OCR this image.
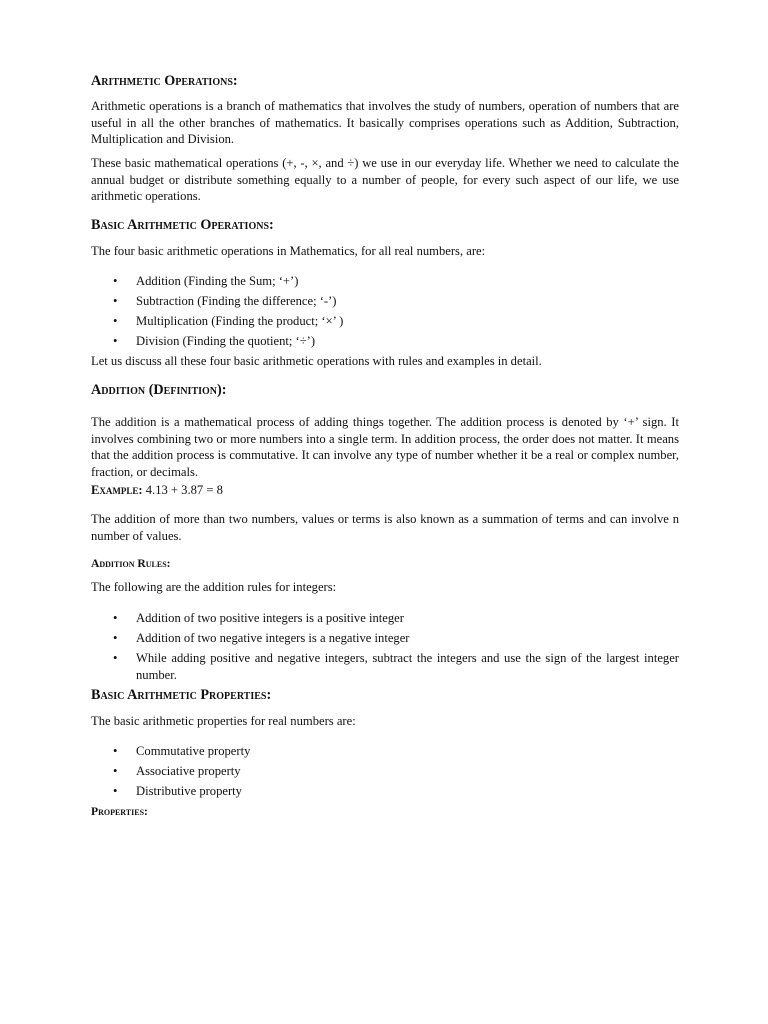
Arithmetic Operations:
Arithmetic operations is a branch of mathematics that involves the study of numbers, operation of numbers that are useful in all the other branches of mathematics. It basically comprises operations such as Addition, Subtraction, Multiplication and Division.
These basic mathematical operations (+, -, ×, and ÷) we use in our everyday life. Whether we need to calculate the annual budget or distribute something equally to a number of people, for every such aspect of our life, we use arithmetic operations.
Basic Arithmetic Operations:
The four basic arithmetic operations in Mathematics, for all real numbers, are:
• Addition (Finding the Sum; ‘+’)
• Subtraction (Finding the difference; ‘-’)
• Multiplication (Finding the product; ‘×’ )
• Division (Finding the quotient; ‘÷’)
Let us discuss all these four basic arithmetic operations with rules and examples in detail.
Addition (Definition):
The addition is a mathematical process of adding things together. The addition process is denoted by ‘+’ sign. It involves combining two or more numbers into a single term. In addition process, the order does not matter. It means that the addition process is commutative. It can involve any type of number whether it be a real or complex number, fraction, or decimals.
Example: 4.13 + 3.87 = 8
The addition of more than two numbers, values or terms is also known as a summation of terms and can involve n number of values.
Addition Rules:
The following are the addition rules for integers:
• Addition of two positive integers is a positive integer
• Addition of two negative integers is a negative integer
• While adding positive and negative integers, subtract the integers and use the sign of the largest integer number.
Basic Arithmetic Properties:
The basic arithmetic properties for real numbers are:
• Commutative property
• Associative property
• Distributive property
Properties:
